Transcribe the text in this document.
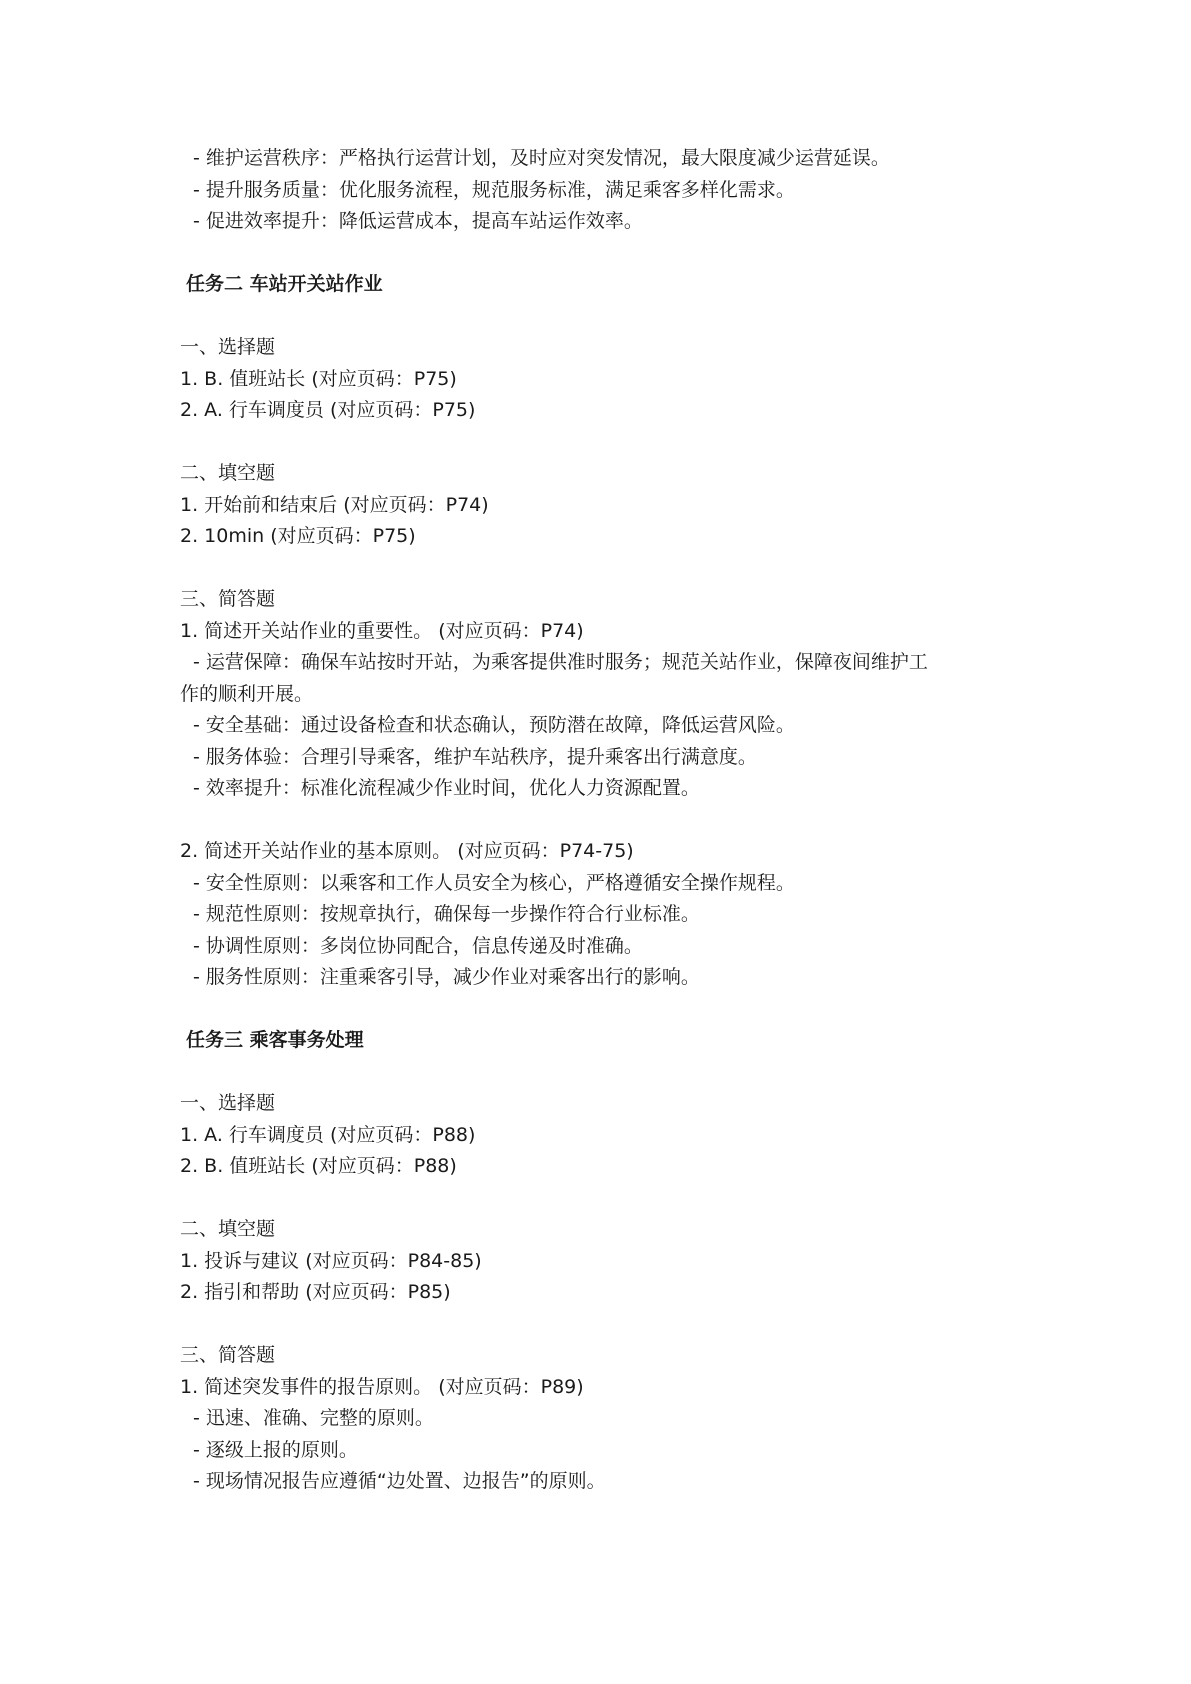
- 维护运营秩序：严格执行运营计划，及时应对突发情况，最大限度减少运营延误。
- 提升服务质量：优化服务流程，规范服务标准，满足乘客多样化需求。
- 促进效率提升：降低运营成本，提高车站运作效率。
任务二 车站开关站作业
一、选择题
1. B. 值班站长 (对应页码：P75)
2. A. 行车调度员 (对应页码：P75)
二、填空题
1. 开始前和结束后 (对应页码：P74)
2. 10min (对应页码：P75)
三、简答题
1. 简述开关站作业的重要性。 (对应页码：P74)
- 运营保障：确保车站按时开站，为乘客提供准时服务；规范关站作业，保障夜间维护工
作的顺利开展。
- 安全基础：通过设备检查和状态确认，预防潜在故障，降低运营风险。
- 服务体验：合理引导乘客，维护车站秩序，提升乘客出行满意度。
- 效率提升：标准化流程减少作业时间，优化人力资源配置。
2. 简述开关站作业的基本原则。 (对应页码：P74-75)
- 安全性原则：以乘客和工作人员安全为核心，严格遵循安全操作规程。
- 规范性原则：按规章执行，确保每一步操作符合行业标准。
- 协调性原则：多岗位协同配合，信息传递及时准确。
- 服务性原则：注重乘客引导，减少作业对乘客出行的影响。
任务三 乘客事务处理
一、选择题
1. A. 行车调度员 (对应页码：P88)
2. B. 值班站长 (对应页码：P88)
二、填空题
1. 投诉与建议 (对应页码：P84-85)
2. 指引和帮助 (对应页码：P85)
三、简答题
1. 简述突发事件的报告原则。 (对应页码：P89)
- 迅速、准确、完整的原则。
- 逐级上报的原则。
- 现场情况报告应遵循“边处置、边报告”的原则。
